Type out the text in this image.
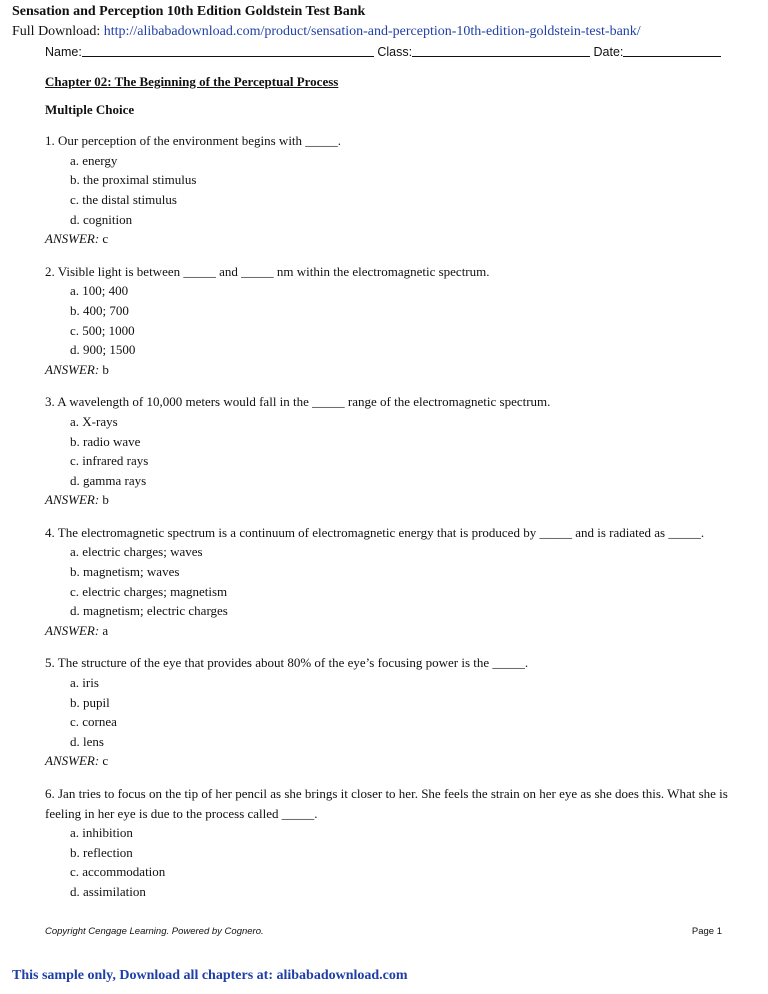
Sensation and Perception 10th Edition Goldstein Test Bank
Full Download: http://alibabadownload.com/product/sensation-and-perception-10th-edition-goldstein-test-bank/
Name:	Class:	Date:

Chapter 02: The Beginning of the Perceptual Process

Multiple Choice

1. Our perception of the environment begins with _____.

a. energy

b. the proximal stimulus

c. the distal stimulus

d. cognition

ANSWER: c

2. Visible light is between _____ and _____ nm within the electromagnetic spectrum.

a. 100; 400

b. 400; 700

c. 500; 1000

d. 900; 1500

ANSWER: b

3. A wavelength of 10,000 meters would fall in the _____ range of the electromagnetic spectrum.

a. X-rays

b. radio wave

c. infrared rays

d. gamma rays

ANSWER: b

4. The electromagnetic spectrum is a continuum of electromagnetic energy that is produced by _____ and is radiated as _____.

a. electric charges; waves

b. magnetism; waves

c. electric charges; magnetism

d. magnetism; electric charges

ANSWER: a

5. The structure of the eye that provides about 80% of the eye’s focusing power is the _____.

a. iris

b. pupil

c. cornea

d. lens

ANSWER: c

6. Jan tries to focus on the tip of her pencil as she brings it closer to her. She feels the strain on her eye as she does this. What she is feeling in her eye is due to the process called _____.

a. inhibition

b. reflection

c. accommodation

d. assimilation

Copyright Cengage Learning. Powered by Cognero.	Page 1
This sample only, Download all chapters at: alibabadownload.com
